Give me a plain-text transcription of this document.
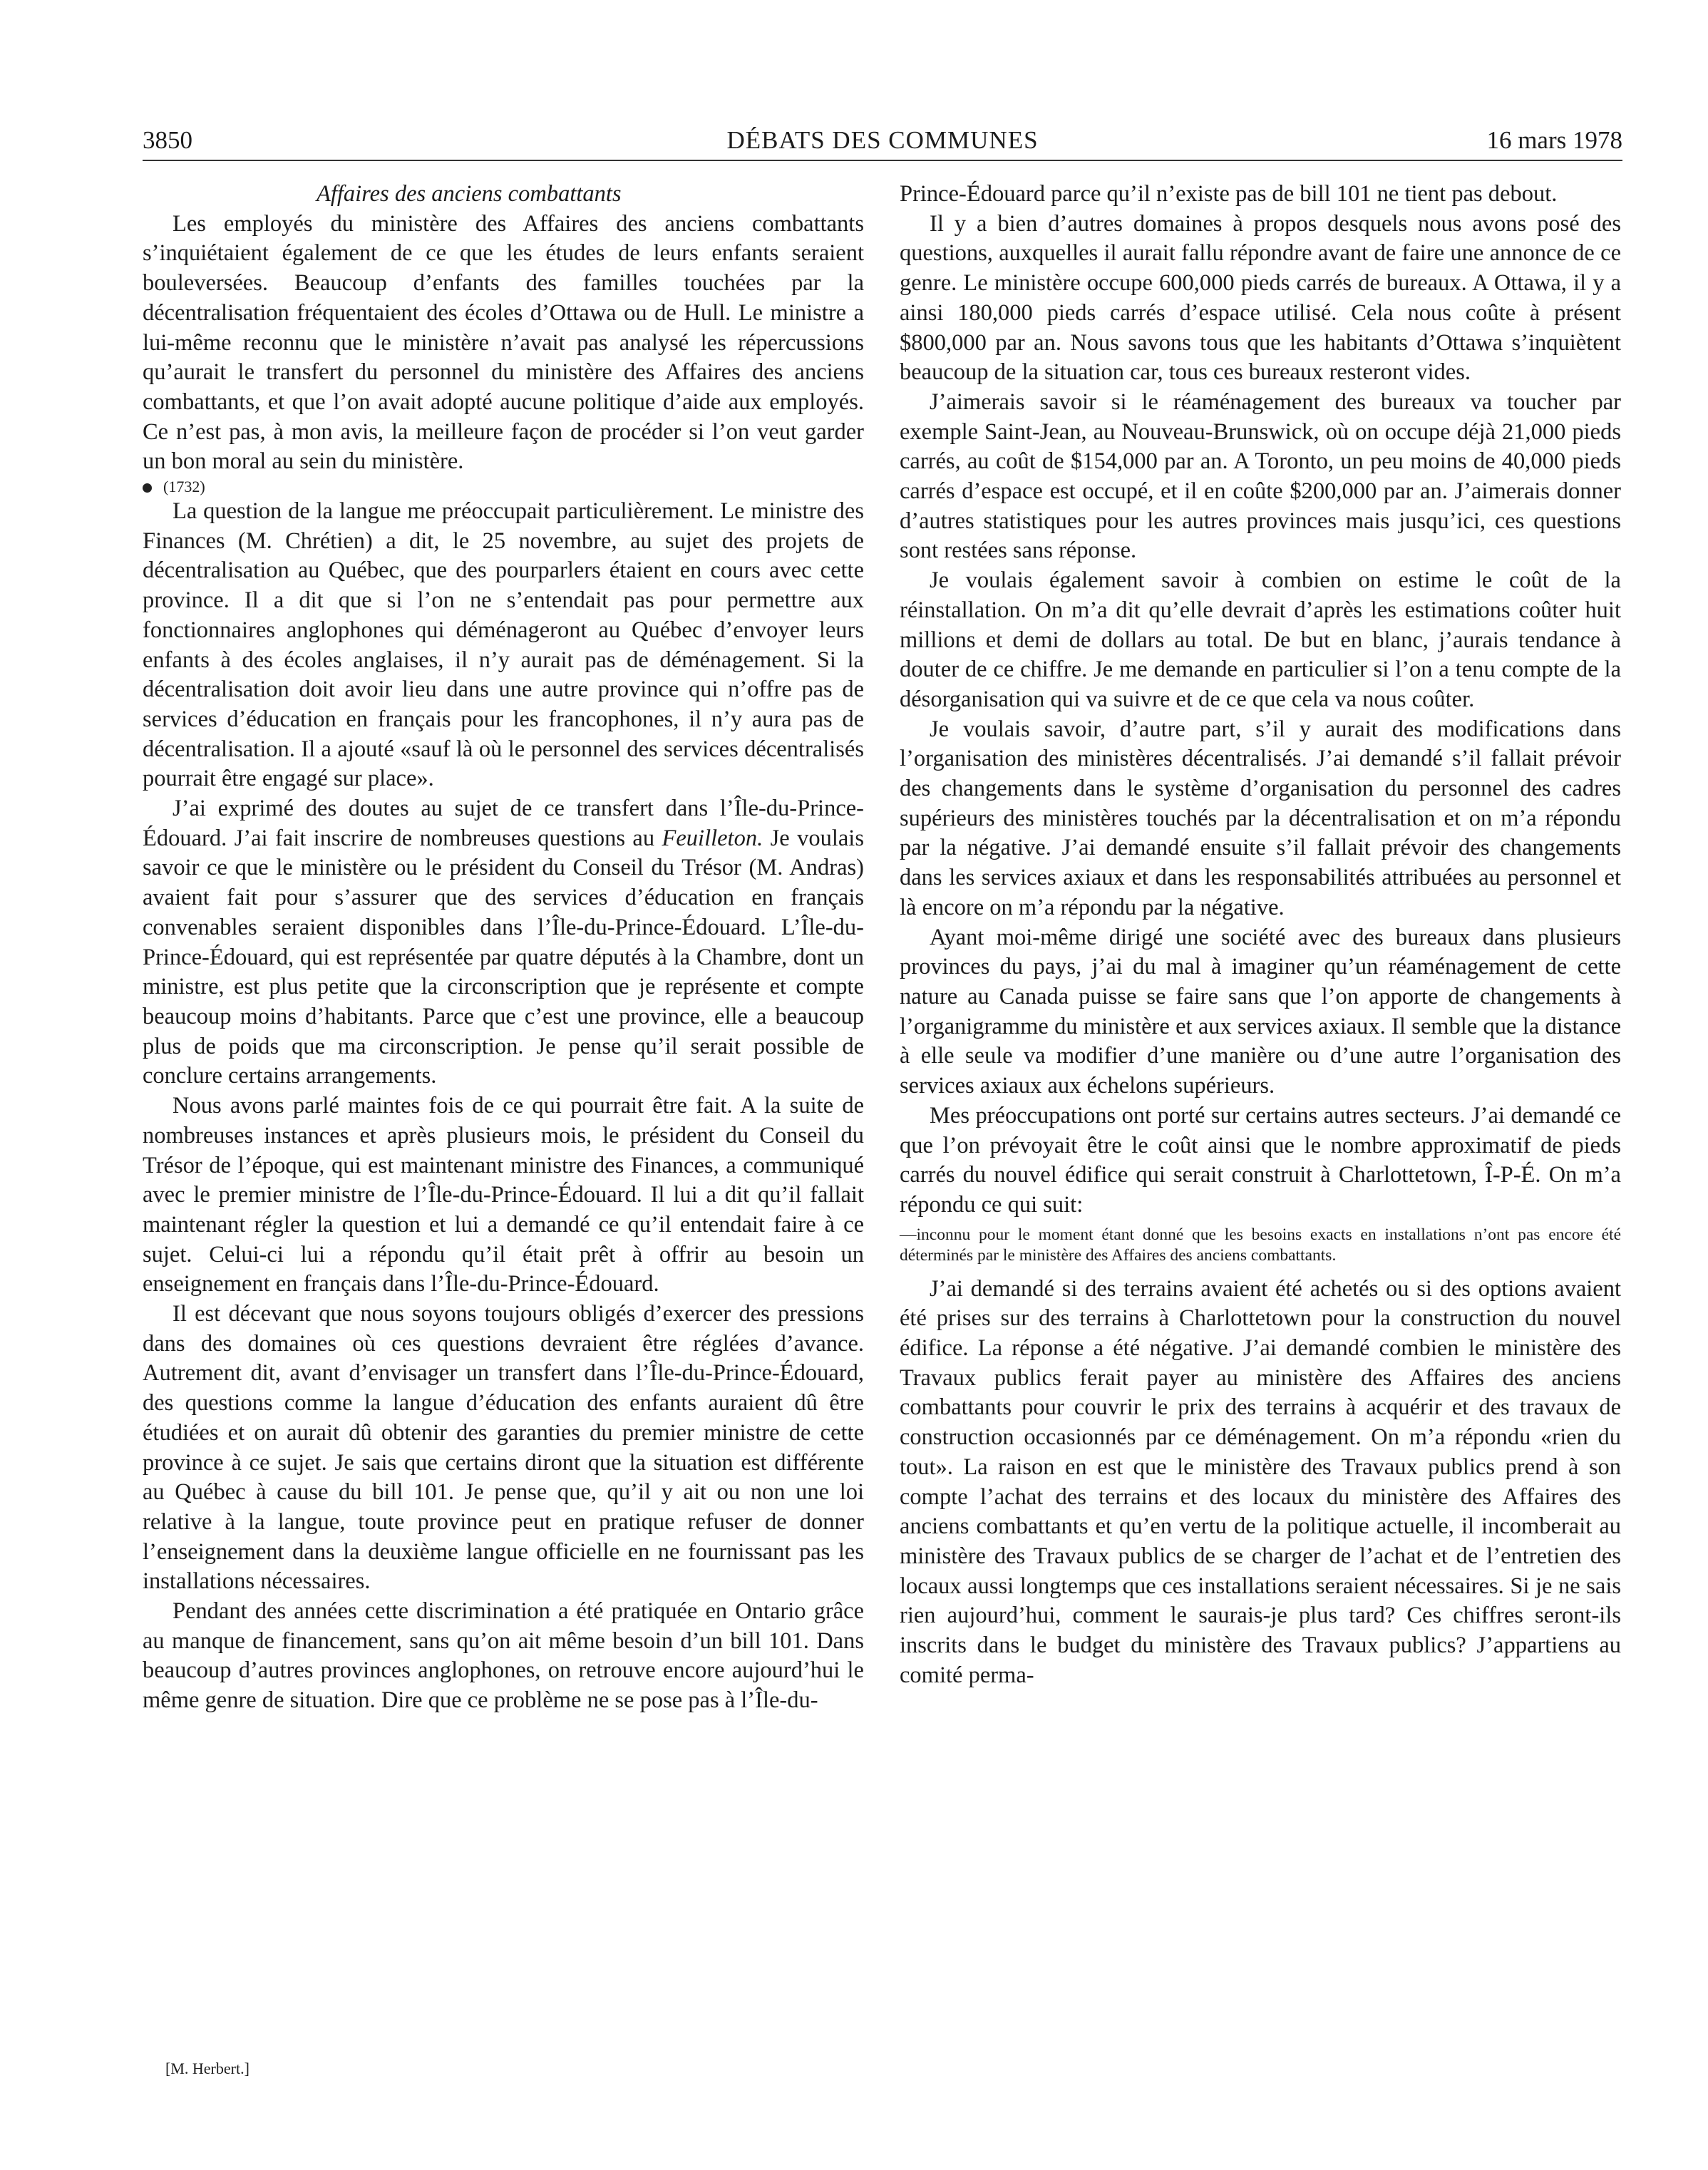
3850	DÉBATS DES COMMUNES	16 mars 1978

Affaires des anciens combattants

Les employés du ministère des Affaires des anciens combattants s’inquiétaient également de ce que les études de leurs enfants seraient bouleversées. Beaucoup d’enfants des familles touchées par la décentralisation fréquentaient des écoles d’Ottawa ou de Hull. Le ministre a lui-même reconnu que le ministère n’avait pas analysé les répercussions qu’aurait le transfert du personnel du ministère des Affaires des anciens combattants, et que l’on avait adopté aucune politique d’aide aux employés. Ce n’est pas, à mon avis, la meilleure façon de procéder si l’on veut garder un bon moral au sein du ministère.

(1732)

La question de la langue me préoccupait particulièrement. Le ministre des Finances (M. Chrétien) a dit, le 25 novembre, au sujet des projets de décentralisation au Québec, que des pourparlers étaient en cours avec cette province. Il a dit que si l’on ne s’entendait pas pour permettre aux fonctionnaires anglophones qui déménageront au Québec d’envoyer leurs enfants à des écoles anglaises, il n’y aurait pas de déménagement. Si la décentralisation doit avoir lieu dans une autre province qui n’offre pas de services d’éducation en français pour les francophones, il n’y aura pas de décentralisation. Il a ajouté «sauf là où le personnel des services décentralisés pourrait être engagé sur place».

J’ai exprimé des doutes au sujet de ce transfert dans l’Île-du-Prince-Édouard. J’ai fait inscrire de nombreuses questions au Feuilleton. Je voulais savoir ce que le ministère ou le président du Conseil du Trésor (M. Andras) avaient fait pour s’assurer que des services d’éducation en français convenables seraient disponibles dans l’Île-du-Prince-Édouard. L’Île-du-Prince-Édouard, qui est représentée par quatre députés à la Chambre, dont un ministre, est plus petite que la circonscription que je représente et compte beaucoup moins d’habitants. Parce que c’est une province, elle a beaucoup plus de poids que ma circonscription. Je pense qu’il serait possible de conclure certains arrangements.

Nous avons parlé maintes fois de ce qui pourrait être fait. A la suite de nombreuses instances et après plusieurs mois, le président du Conseil du Trésor de l’époque, qui est maintenant ministre des Finances, a communiqué avec le premier ministre de l’Île-du-Prince-Édouard. Il lui a dit qu’il fallait maintenant régler la question et lui a demandé ce qu’il entendait faire à ce sujet. Celui-ci lui a répondu qu’il était prêt à offrir au besoin un enseignement en français dans l’Île-du-Prince-Édouard.

Il est décevant que nous soyons toujours obligés d’exercer des pressions dans des domaines où ces questions devraient être réglées d’avance. Autrement dit, avant d’envisager un transfert dans l’Île-du-Prince-Édouard, des questions comme la langue d’éducation des enfants auraient dû être étudiées et on aurait dû obtenir des garanties du premier ministre de cette province à ce sujet. Je sais que certains diront que la situation est différente au Québec à cause du bill 101. Je pense que, qu’il y ait ou non une loi relative à la langue, toute province peut en pratique refuser de donner l’enseignement dans la deuxième langue officielle en ne fournissant pas les installations nécessaires.

Pendant des années cette discrimination a été pratiquée en Ontario grâce au manque de financement, sans qu’on ait même besoin d’un bill 101. Dans beaucoup d’autres provinces anglophones, on retrouve encore aujourd’hui le même genre de situation. Dire que ce problème ne se pose pas à l’Île-du-

[M. Herbert.]

Prince-Édouard parce qu’il n’existe pas de bill 101 ne tient pas debout.

Il y a bien d’autres domaines à propos desquels nous avons posé des questions, auxquelles il aurait fallu répondre avant de faire une annonce de ce genre. Le ministère occupe 600,000 pieds carrés de bureaux. A Ottawa, il y a ainsi 180,000 pieds carrés d’espace utilisé. Cela nous coûte à présent $800,000 par an. Nous savons tous que les habitants d’Ottawa s’inquiètent beaucoup de la situation car, tous ces bureaux resteront vides.

J’aimerais savoir si le réaménagement des bureaux va toucher par exemple Saint-Jean, au Nouveau-Brunswick, où on occupe déjà 21,000 pieds carrés, au coût de $154,000 par an. A Toronto, un peu moins de 40,000 pieds carrés d’espace est occupé, et il en coûte $200,000 par an. J’aimerais donner d’autres statistiques pour les autres provinces mais jusqu’ici, ces questions sont restées sans réponse.

Je voulais également savoir à combien on estime le coût de la réinstallation. On m’a dit qu’elle devrait d’après les estimations coûter huit millions et demi de dollars au total. De but en blanc, j’aurais tendance à douter de ce chiffre. Je me demande en particulier si l’on a tenu compte de la désorganisation qui va suivre et de ce que cela va nous coûter.

Je voulais savoir, d’autre part, s’il y aurait des modifications dans l’organisation des ministères décentralisés. J’ai demandé s’il fallait prévoir des changements dans le système d’organisation du personnel des cadres supérieurs des ministères touchés par la décentralisation et on m’a répondu par la négative. J’ai demandé ensuite s’il fallait prévoir des changements dans les services axiaux et dans les responsabilités attribuées au personnel et là encore on m’a répondu par la négative.

Ayant moi-même dirigé une société avec des bureaux dans plusieurs provinces du pays, j’ai du mal à imaginer qu’un réaménagement de cette nature au Canada puisse se faire sans que l’on apporte de changements à l’organigramme du ministère et aux services axiaux. Il semble que la distance à elle seule va modifier d’une manière ou d’une autre l’organisation des services axiaux aux échelons supérieurs.

Mes préoccupations ont porté sur certains autres secteurs. J’ai demandé ce que l’on prévoyait être le coût ainsi que le nombre approximatif de pieds carrés du nouvel édifice qui serait construit à Charlottetown, Î-P-É. On m’a répondu ce qui suit:

—inconnu pour le moment étant donné que les besoins exacts en installations n’ont pas encore été déterminés par le ministère des Affaires des anciens combattants.

J’ai demandé si des terrains avaient été achetés ou si des options avaient été prises sur des terrains à Charlottetown pour la construction du nouvel édifice. La réponse a été négative. J’ai demandé combien le ministère des Travaux publics ferait payer au ministère des Affaires des anciens combattants pour couvrir le prix des terrains à acquérir et des travaux de construction occasionnés par ce déménagement. On m’a répondu «rien du tout». La raison en est que le ministère des Travaux publics prend à son compte l’achat des terrains et des locaux du ministère des Affaires des anciens combattants et qu’en vertu de la politique actuelle, il incomberait au ministère des Travaux publics de se charger de l’achat et de l’entretien des locaux aussi longtemps que ces installations seraient nécessaires. Si je ne sais rien aujourd’hui, comment le saurais-je plus tard? Ces chiffres seront-ils inscrits dans le budget du ministère des Travaux publics? J’appartiens au comité perma-
